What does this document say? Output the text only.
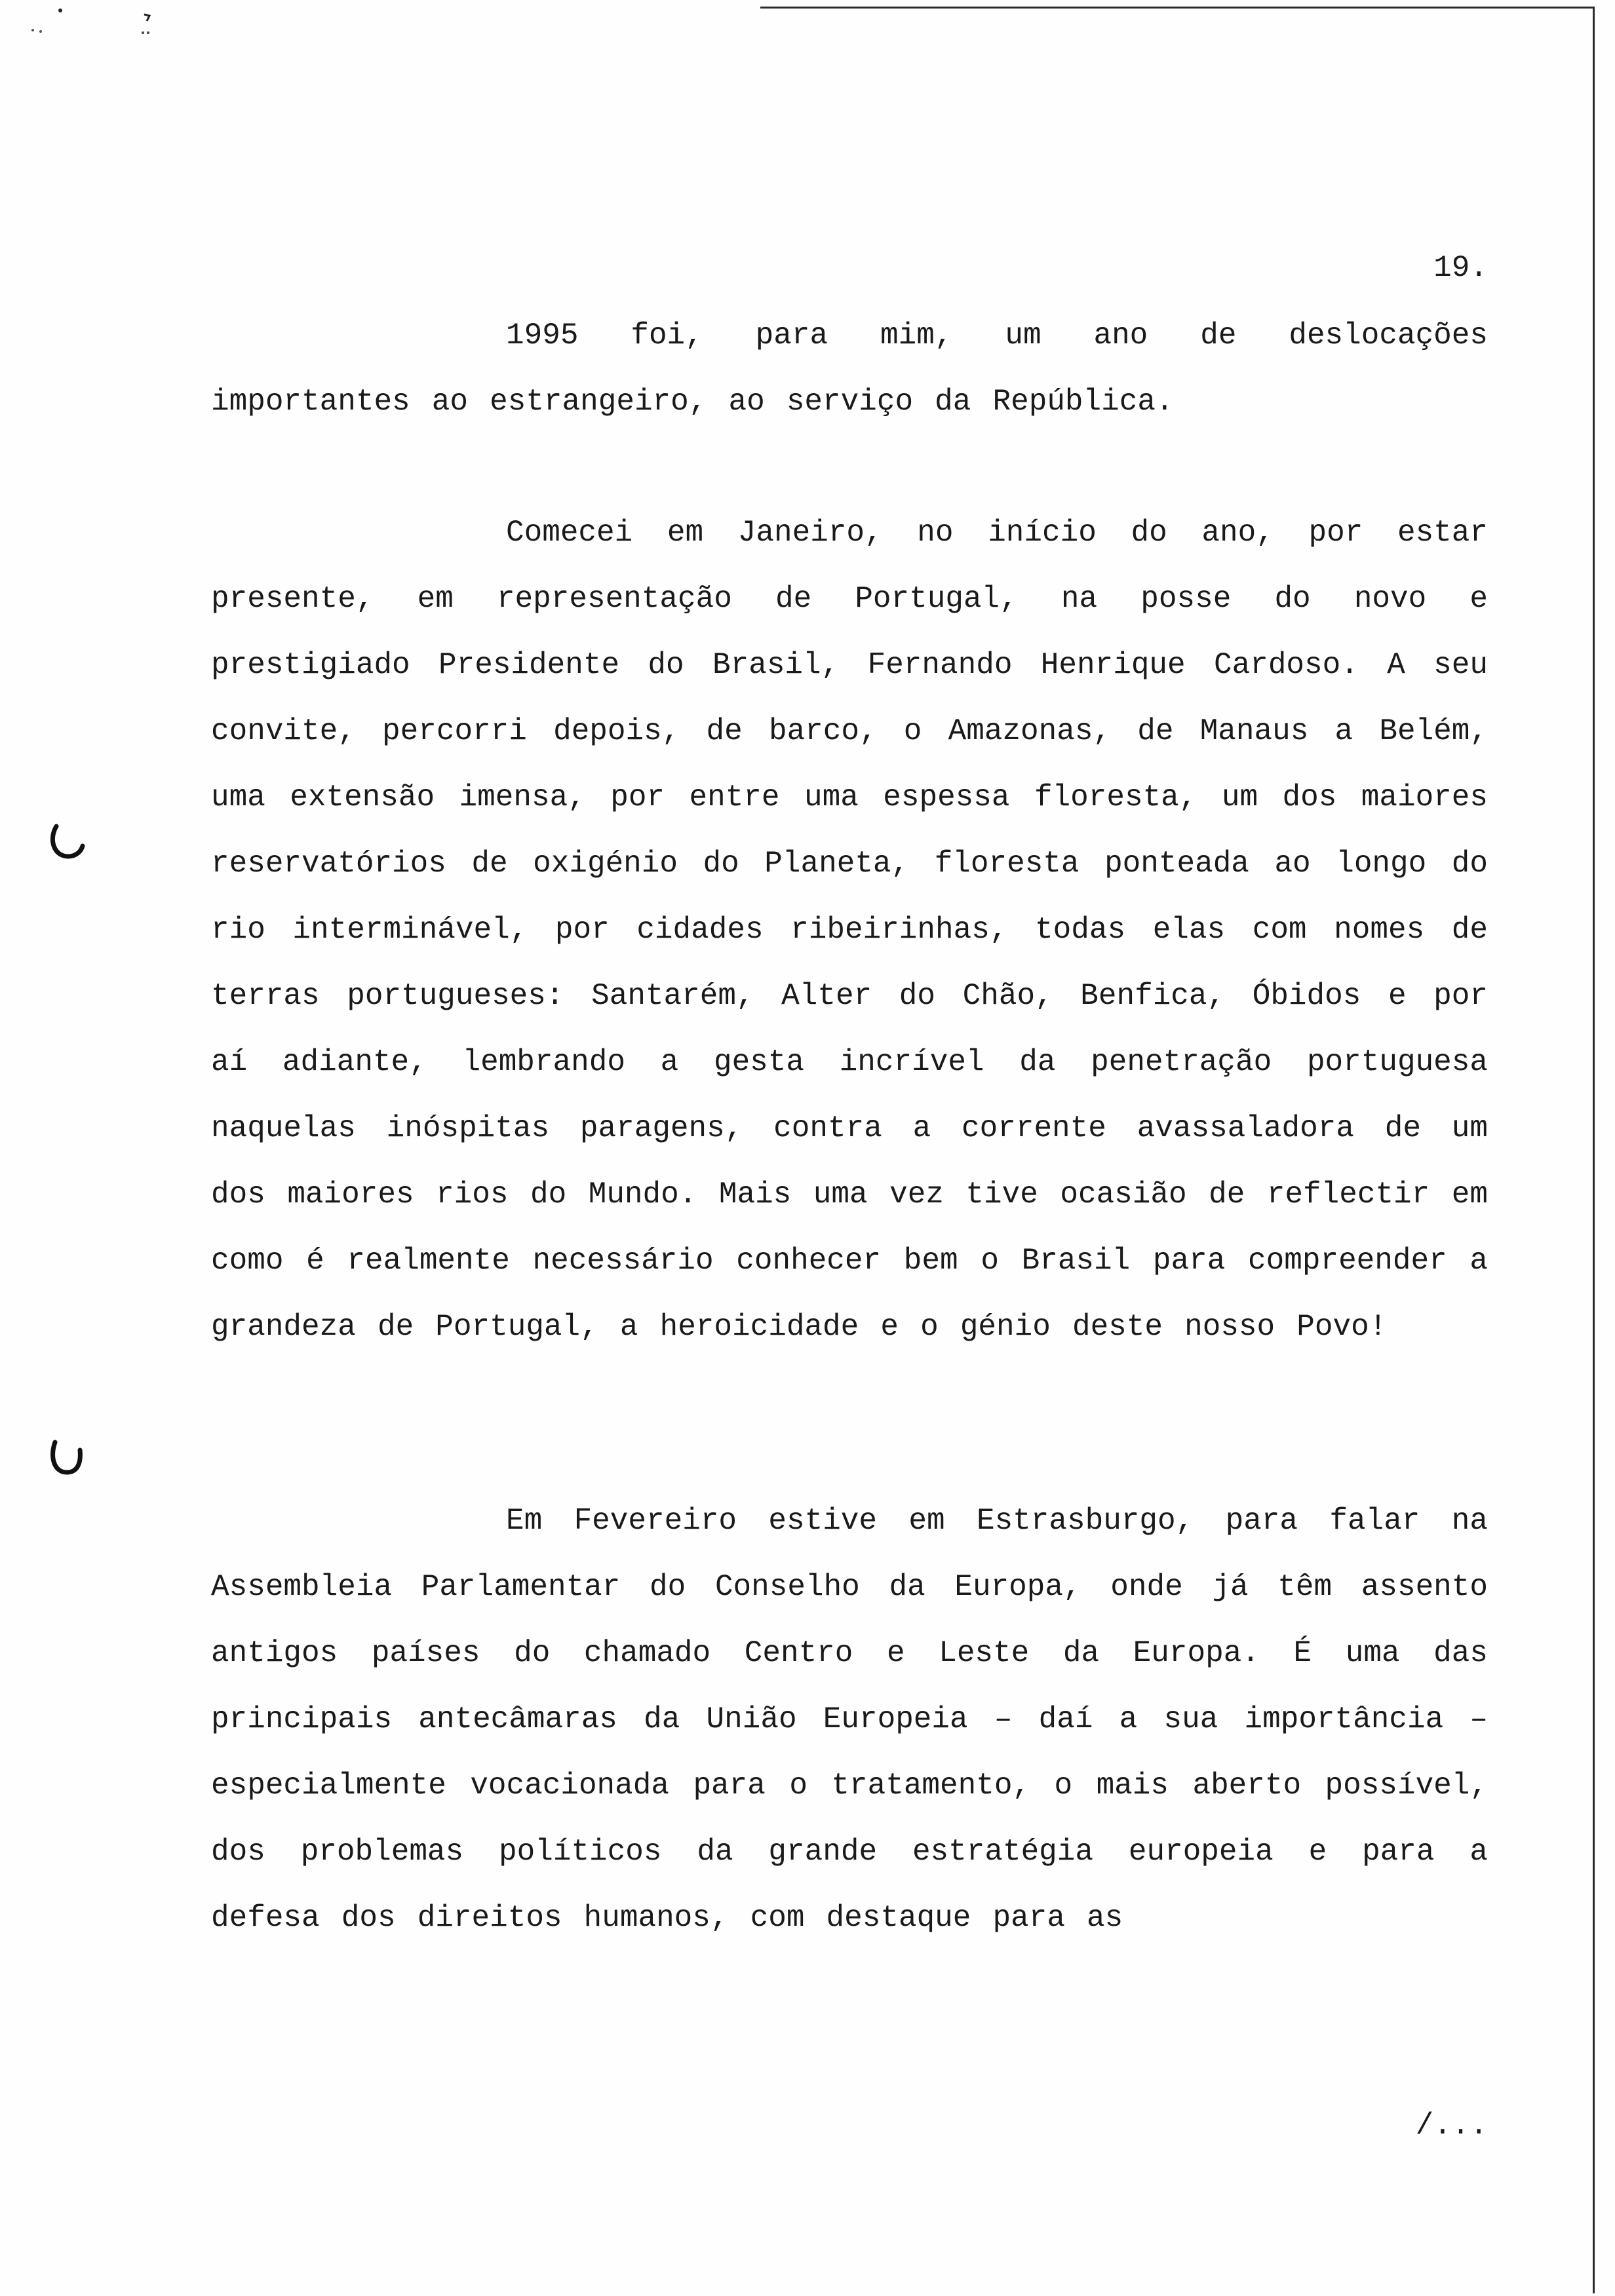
19.

1995 foi, para mim, um ano de deslocações importantes ao estrangeiro, ao serviço da República.

Comecei em Janeiro, no início do ano, por estar presente, em representação de Portugal, na posse do novo e prestigiado Presidente do Brasil, Fernando Henrique Cardoso. A seu convite, percorri depois, de barco, o Amazonas, de Manaus a Belém, uma extensão imensa, por entre uma espessa floresta, um dos maiores reservatórios de oxigénio do Planeta, floresta ponteada ao longo do rio interminável, por cidades ribeirinhas, todas elas com nomes de terras portugueses: Santarém, Alter do Chão, Benfica, Óbidos e por aí adiante, lembrando a gesta incrível da penetração portuguesa naquelas inóspitas paragens, contra a corrente avassaladora de um dos maiores rios do Mundo. Mais uma vez tive ocasião de reflectir em como é realmente necessário conhecer bem o Brasil para compreender a grandeza de Portugal, a heroicidade e o génio deste nosso Povo!

Em Fevereiro estive em Estrasburgo, para falar na Assembleia Parlamentar do Conselho da Europa, onde já têm assento antigos países do chamado Centro e Leste da Europa. É uma das principais antecâmaras da União Europeia – daí a sua importância – especialmente vocacionada para o tratamento, o mais aberto possível, dos problemas políticos da grande estratégia europeia e para a defesa dos direitos humanos, com destaque para as

/...
